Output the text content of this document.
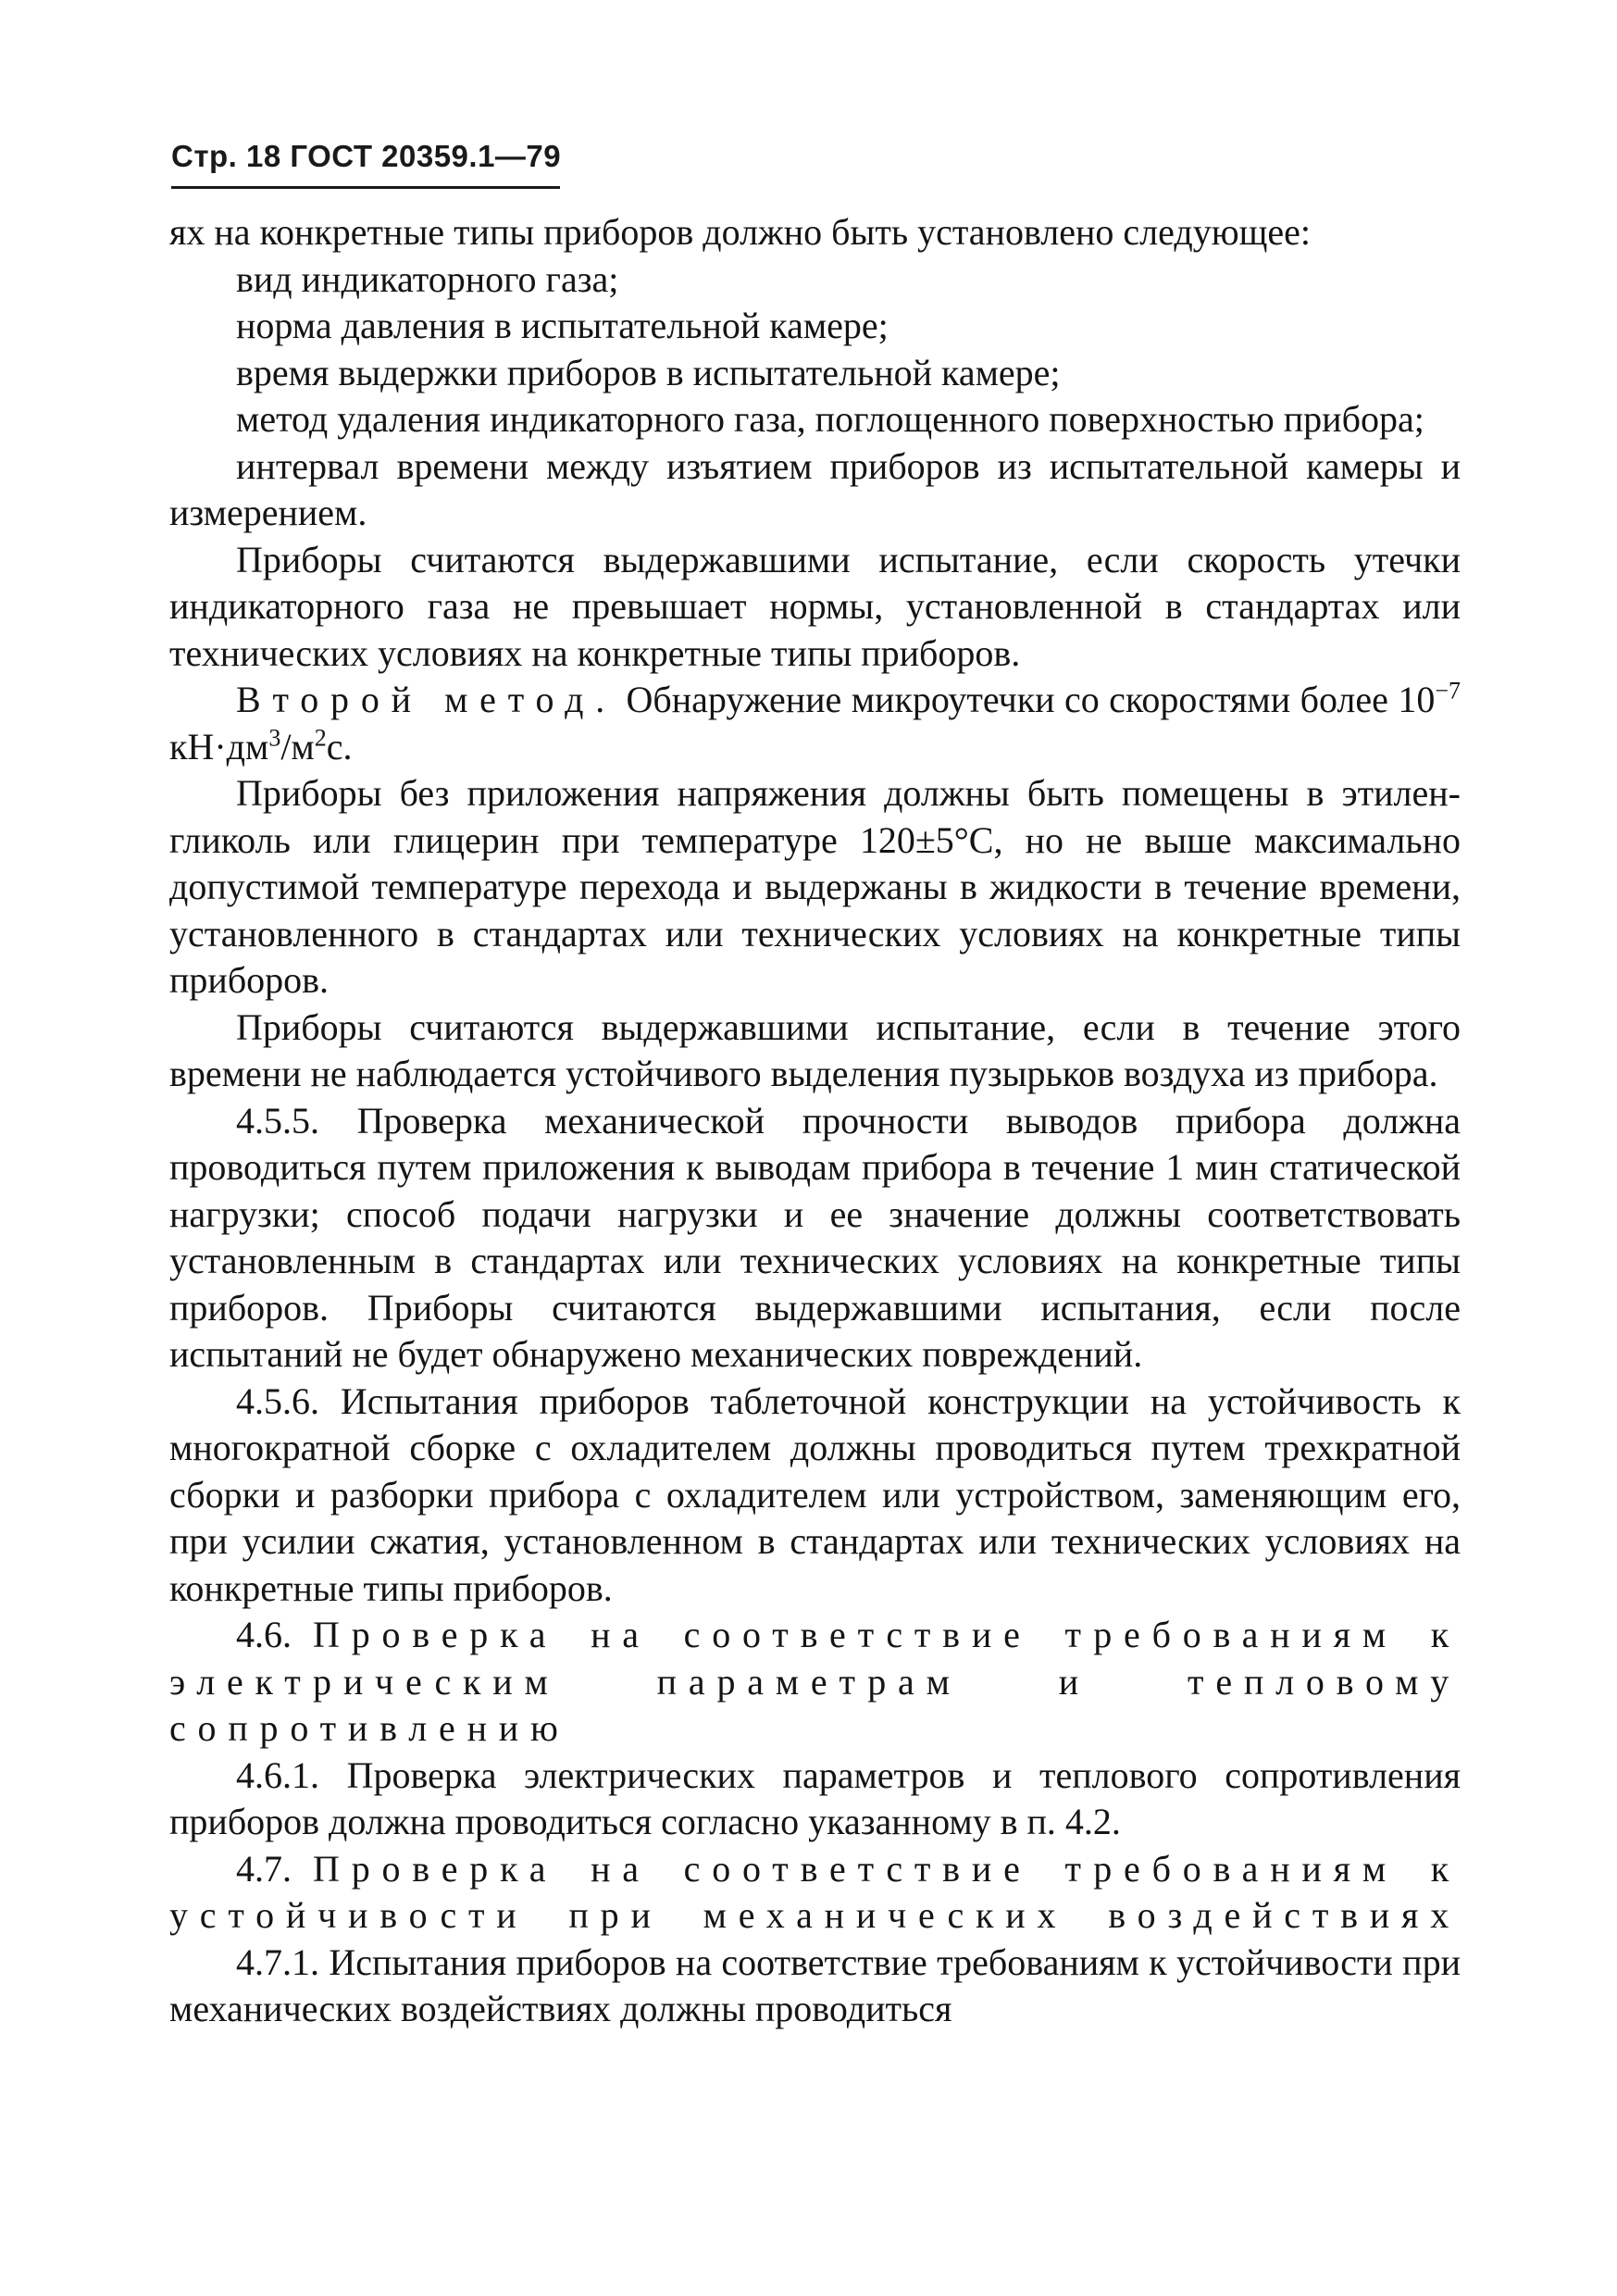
Стр. 18 ГОСТ 20359.1—79

ях на конкретные типы приборов должно быть установлено следующее:

вид индикаторного газа;

норма давления в испытательной камере;

время выдержки приборов в испытательной камере;

метод удаления индикаторного газа, поглощенного поверхностью прибора;

интервал времени между изъятием приборов из испытательной камеры и измерением.

Приборы считаются выдержавшими испытание, если скорость утечки индикаторного газа не превышает нормы, установленной в стандартах или технических условиях на конкретные типы приборов.

Второй метод. Обнаружение микроутечки со скоростями более $10^{-7}$ $кН\cdot дм^3/м^2с$.

Приборы без приложения напряжения должны быть помещены в этилен-гликоль или глицерин при температуре 120±5°С, но не выше максимально допустимой температуре перехода и выдержаны в жидкости в течение времени, установленного в стандартах или технических условиях на конкретные типы приборов.

Приборы считаются выдержавшими испытание, если в течение этого времени не наблюдается устойчивого выделения пузырьков воздуха из прибора.

4.5.5. Проверка механической прочности выводов прибора должна проводиться путем приложения к выводам прибора в течение 1 мин статической нагрузки; способ подачи нагрузки и ее значение должны соответствовать установленным в стандартах или технических условиях на конкретные типы приборов. Приборы считаются выдержавшими испытания, если после испытаний не будет обнаружено механических повреждений.

4.5.6. Испытания приборов таблеточной конструкции на устойчивость к многократной сборке с охладителем должны проводиться путем трехкратной сборки и разборки прибора с охладителем или устройством, заменяющим его, при усилии сжатия, установленном в стандартах или технических условиях на конкретные типы приборов.

4.6. Проверка на соответствие требованиям к электрическим параметрам и тепловому сопротивлению

4.6.1. Проверка электрических параметров и теплового сопротивления приборов должна проводиться согласно указанному в п. 4.2.

4.7. Проверка на соответствие требованиям к

устойчивости при механических воздействиях

4.7.1. Испытания приборов на соответствие требованиям к устойчивости при механических воздействиях должны проводиться
